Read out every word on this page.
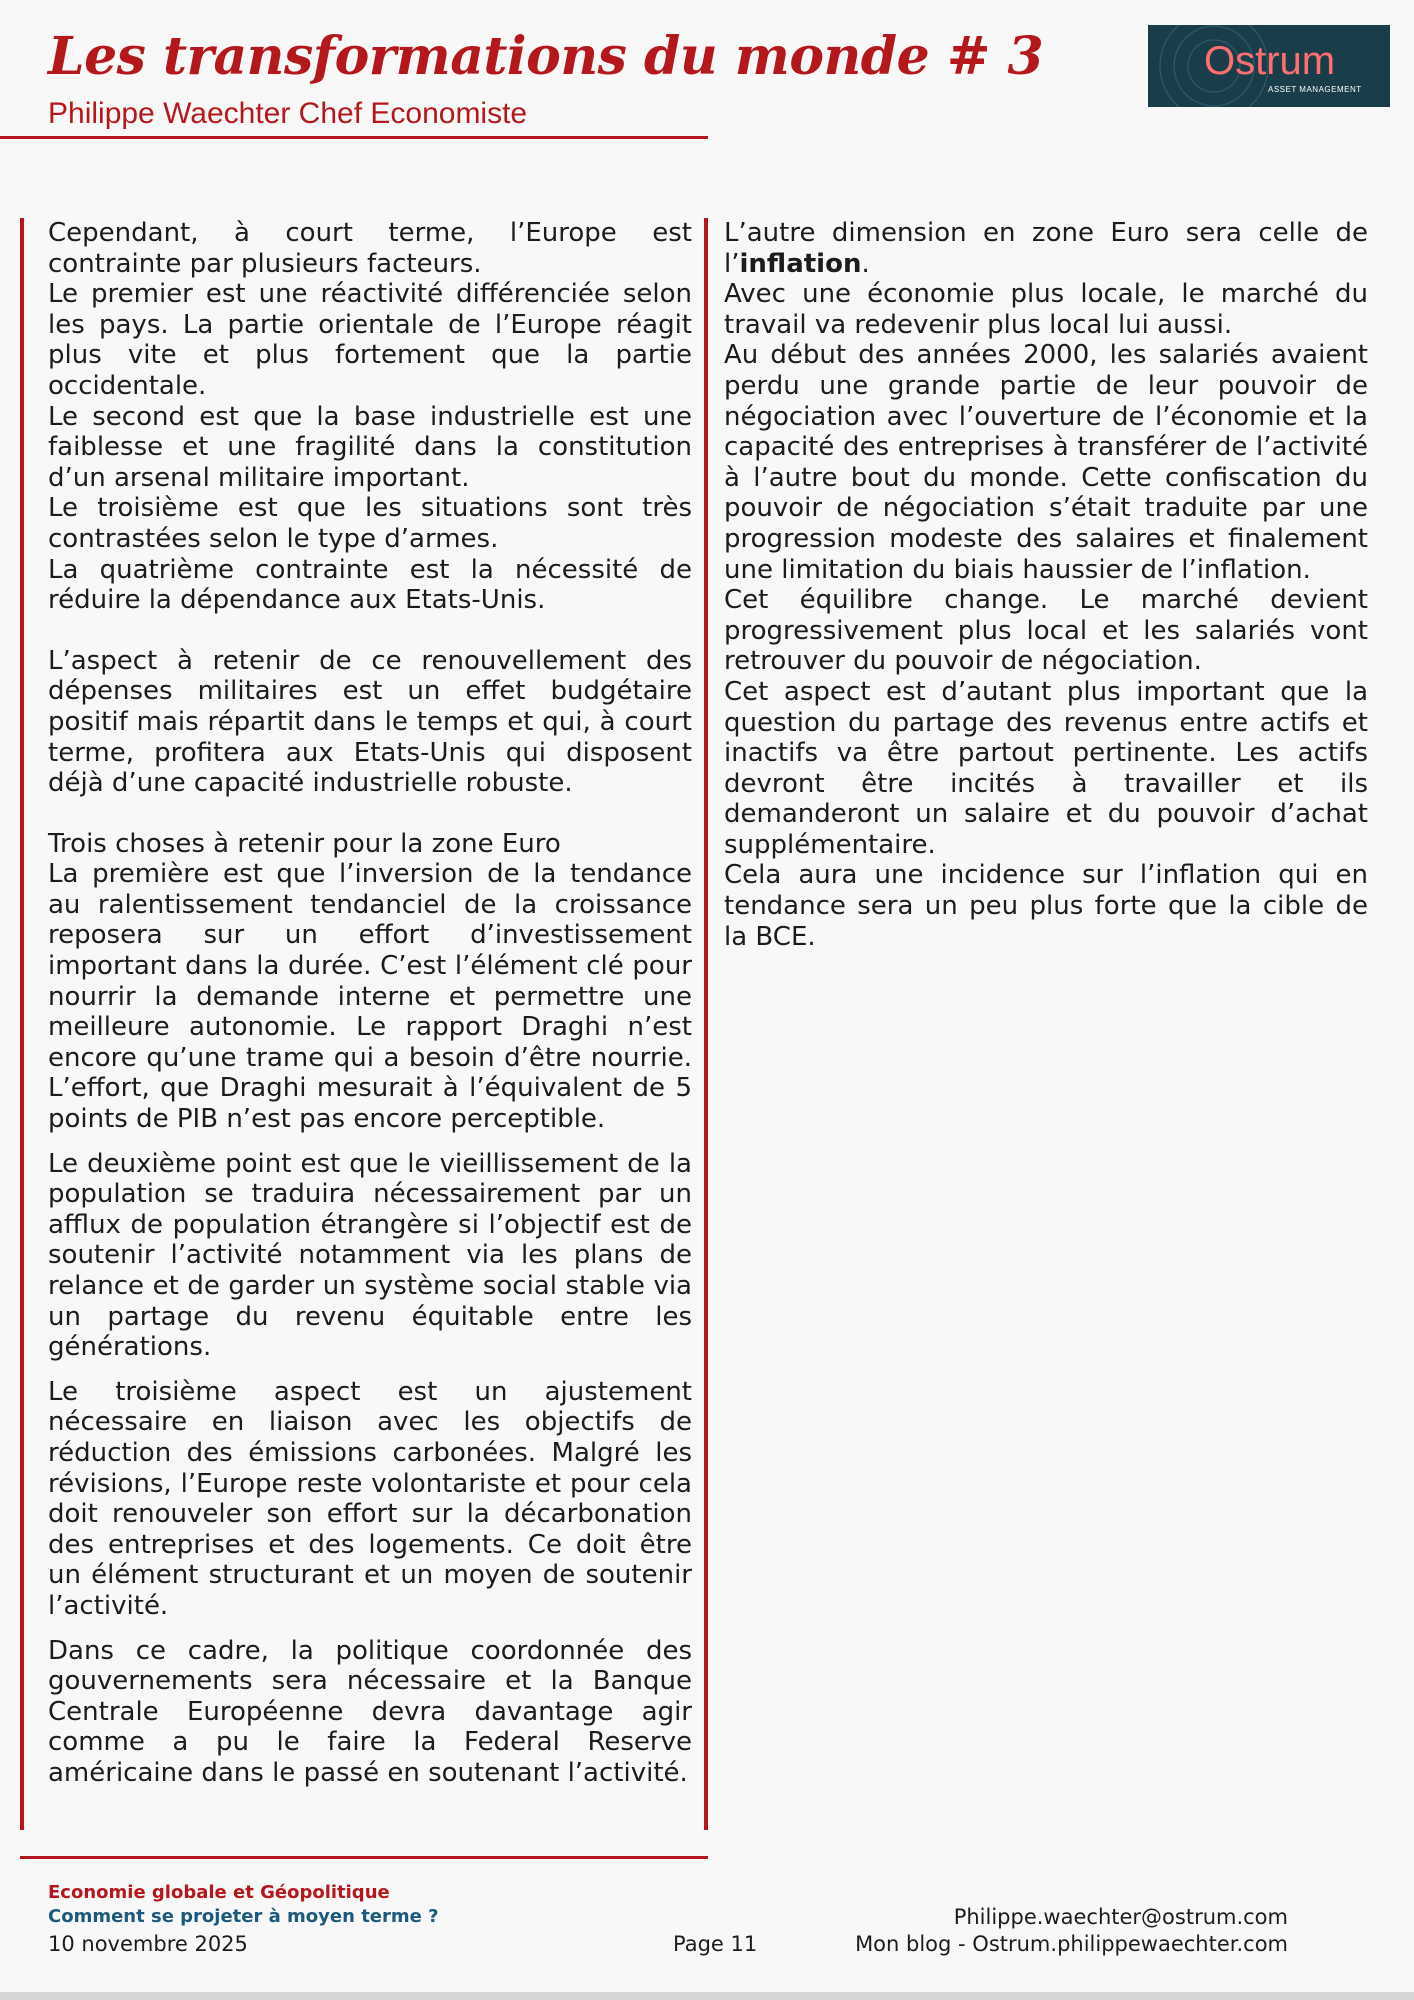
Les transformations du monde # 3
Philippe Waechter Chef Economiste
Ostrum
ASSET MANAGEMENT

Cependant, à court terme, l’Europe est contrainte par plusieurs facteurs.

Le premier est une réactivité différenciée selon les pays. La partie orientale de l’Europe réagit plus vite et plus fortement que la partie occidentale.

Le second est que la base industrielle est une faiblesse et une fragilité dans la constitution d’un arsenal militaire important.

Le troisième est que les situations sont très contrastées selon le type d’armes.

La quatrième contrainte est la nécessité de réduire la dépendance aux Etats-Unis.

L’aspect à retenir de ce renouvellement des dépenses militaires est un effet budgétaire positif mais répartit dans le temps et qui, à court terme, profitera aux Etats-Unis qui disposent déjà d’une capacité industrielle robuste.

Trois choses à retenir pour la zone Euro

La première est que l’inversion de la tendance au ralentissement tendanciel de la croissance reposera sur un effort d’investissement important dans la durée. C’est l’élément clé pour nourrir la demande interne et permettre une meilleure autonomie. Le rapport Draghi n’est encore qu’une trame qui a besoin d’être nourrie. L’effort, que Draghi mesurait à l’équivalent de 5 points de PIB n’est pas encore perceptible.

Le deuxième point est que le vieillissement de la population se traduira nécessairement par un afflux de population étrangère si l’objectif est de soutenir l’activité notamment via les plans de relance et de garder un système social stable via un partage du revenu équitable entre les générations.

Le troisième aspect est un ajustement nécessaire en liaison avec les objectifs de réduction des émissions carbonées. Malgré les révisions, l’Europe reste volontariste et pour cela doit renouveler son effort sur la décarbonation des entreprises et des logements. Ce doit être un élément structurant et un moyen de soutenir l’activité.

Dans ce cadre, la politique coordonnée des gouvernements sera nécessaire et la Banque Centrale Européenne devra davantage agir comme a pu le faire la Federal Reserve américaine dans le passé en soutenant l’activité.

L’autre dimension en zone Euro sera celle de l’inflation.

Avec une économie plus locale, le marché du travail va redevenir plus local lui aussi.

Au début des années 2000, les salariés avaient perdu une grande partie de leur pouvoir de négociation avec l’ouverture de l’économie et la capacité des entreprises à transférer de l’activité à l’autre bout du monde. Cette confiscation du pouvoir de négociation s’était traduite par une progression modeste des salaires et finalement une limitation du biais haussier de l’inflation.

Cet équilibre change. Le marché devient progressivement plus local et les salariés vont retrouver du pouvoir de négociation.

Cet aspect est d’autant plus important que la question du partage des revenus entre actifs et inactifs va être partout pertinente. Les actifs devront être incités à travailler et ils demanderont un salaire et du pouvoir d’achat supplémentaire.

Cela aura une incidence sur l’inflation qui en tendance sera un peu plus forte que la cible de la BCE.

Economie globale et Géopolitique
Comment se projeter à moyen terme ?
10 novembre 2025	Page 11
Philippe.waechter@ostrum.com
Mon blog - Ostrum.philippewaechter.com
